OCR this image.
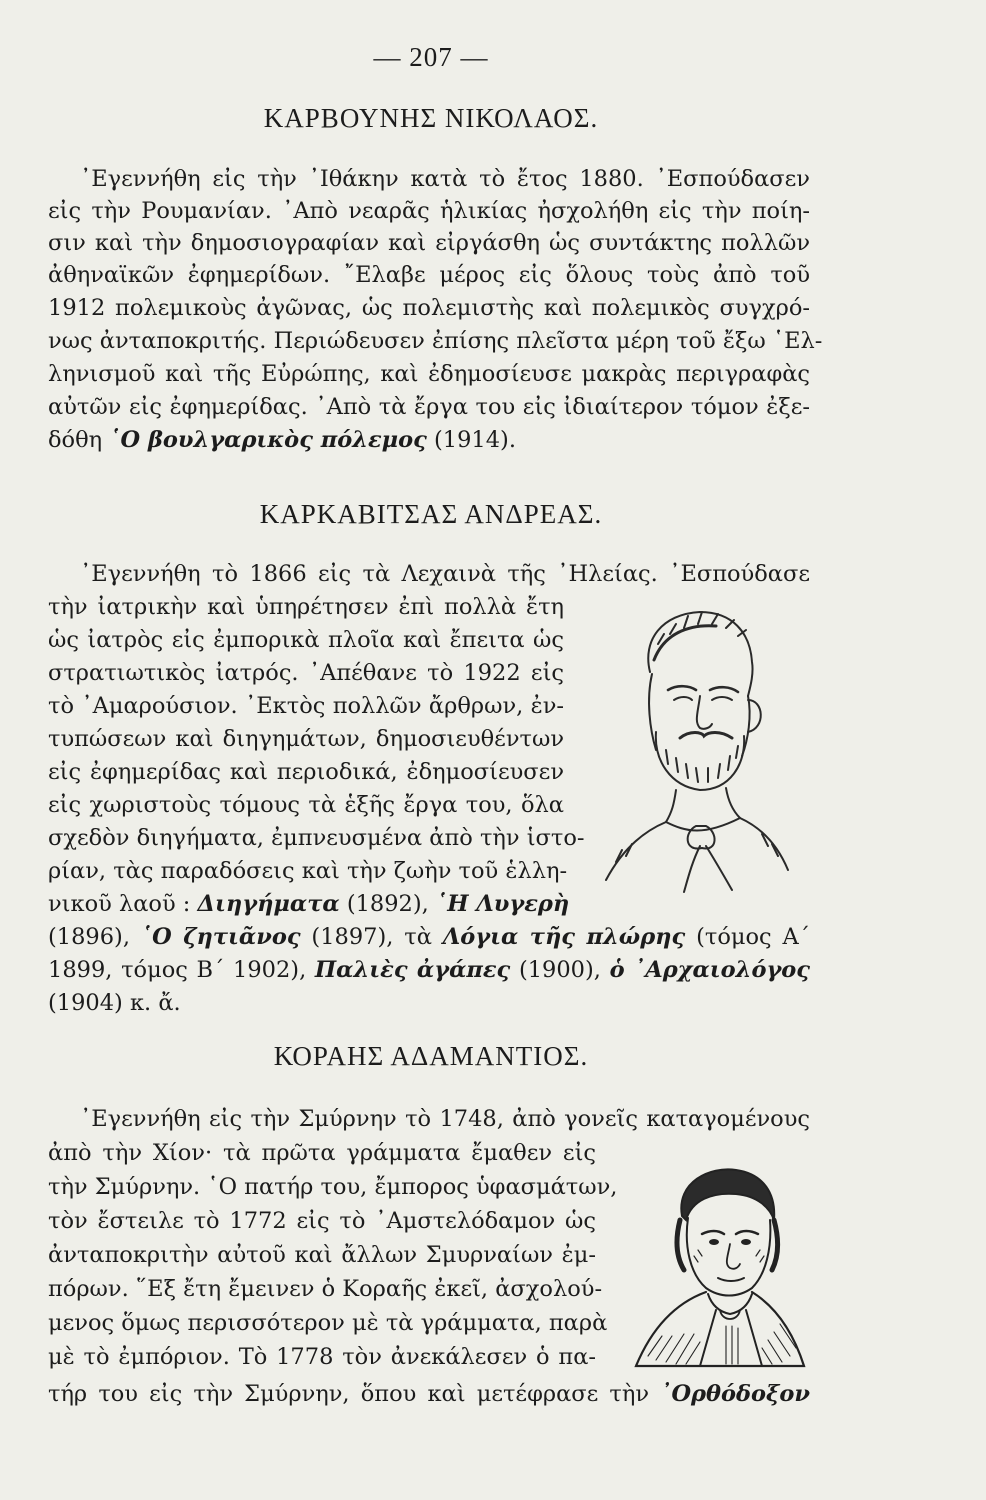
— 207 —
ΚΑΡΒΟΥΝΗΣ ΝΙΚΟΛΑΟΣ.
᾿Εγεννήθη εἰς τὴν ᾿Ιθάκην κατὰ τὸ ἔτος 1880. ᾿Εσπούδασεν
εἰς τὴν Ρουμανίαν. ᾿Απὸ νεαρᾶς ἡλικίας ἠσχολήθη εἰς τὴν ποίη-
σιν καὶ τὴν δημοσιογραφίαν καὶ εἰργάσθη ὡς συντάκτης πολλῶν
ἀθηναϊκῶν ἐφημερίδων. ῎Ελαβε μέρος εἰς ὅλους τοὺς ἀπὸ τοῦ
1912 πολεμικοὺς ἀγῶνας, ὡς πολεμιστὴς καὶ πολεμικὸς συγχρό-
νως ἀνταποκριτής. Περιώδευσεν ἐπίσης πλεῖστα μέρη τοῦ ἔξω ῾Ελ-
ληνισμοῦ καὶ τῆς Εὐρώπης, καὶ ἐδημοσίευσε μακρὰς περιγραφὰς
αὐτῶν εἰς ἐφημερίδας. ᾿Απὸ τὰ ἔργα του εἰς ἰδιαίτερον τόμον ἐξε-
δόθη ῾Ο βουλγαρικὸς πόλεμος (1914).
ΚΑΡΚΑΒΙΤΣΑΣ ΑΝΔΡΕΑΣ.
᾿Εγεννήθη τὸ 1866 εἰς τὰ Λεχαινὰ τῆς ᾿Ηλείας. ᾿Εσπούδασε
τὴν ἰατρικὴν καὶ ὑπηρέτησεν ἐπὶ πολλὰ ἔτη
ὡς ἰατρὸς εἰς ἐμπορικὰ πλοῖα καὶ ἔπειτα ὡς
στρατιωτικὸς ἰατρός. ᾿Απέθανε τὸ 1922 εἰς
τὸ ᾿Αμαρούσιον. ᾿Εκτὸς πολλῶν ἄρθρων, ἐν-
τυπώσεων καὶ διηγημάτων, δημοσιευθέντων
εἰς ἐφημερίδας καὶ περιοδικά, ἐδημοσίευσεν
εἰς χωριστοὺς τόμους τὰ ἑξῆς ἔργα του, ὅλα
σχεδὸν διηγήματα, ἐμπνευσμένα ἀπὸ τὴν ἱστο-
ρίαν, τὰς παραδόσεις καὶ τὴν ζωὴν τοῦ ἑλλη-
νικοῦ λαοῦ : Διηγήματα (1892), ῾Η Λυγερὴ
(1896), ῾Ο ζητιᾶνος (1897), τὰ Λόγια τῆς πλώρης (τόμος Α΄
1899, τόμος Β΄ 1902), Παλιὲς ἀγάπες (1900), ὁ ᾿Αρχαιολόγος
(1904) κ. ἄ.
ΚΟΡΑΗΣ ΑΔΑΜΑΝΤΙΟΣ.
᾿Εγεννήθη εἰς τὴν Σμύρνην τὸ 1748, ἀπὸ γονεῖς καταγομένους
ἀπὸ τὴν Χίον· τὰ πρῶτα γράμματα ἔμαθεν εἰς
τὴν Σμύρνην. ῾Ο πατήρ του, ἔμπορος ὑφασμάτων,
τὸν ἔστειλε τὸ 1772 εἰς τὸ ᾿Αμστελόδαμον ὡς
ἀνταποκριτὴν αὐτοῦ καὶ ἄλλων Σμυρναίων ἐμ-
πόρων. ῞Εξ ἔτη ἔμεινεν ὁ Κοραῆς ἐκεῖ, ἀσχολού-
μενος ὅμως περισσότερον μὲ τὰ γράμματα, παρὰ
μὲ τὸ ἐμπόριον. Τὸ 1778 τὸν ἀνεκάλεσεν ὁ πα-
τήρ του εἰς τὴν Σμύρνην, ὅπου καὶ μετέφρασε τὴν ᾿Ορθόδοξον
